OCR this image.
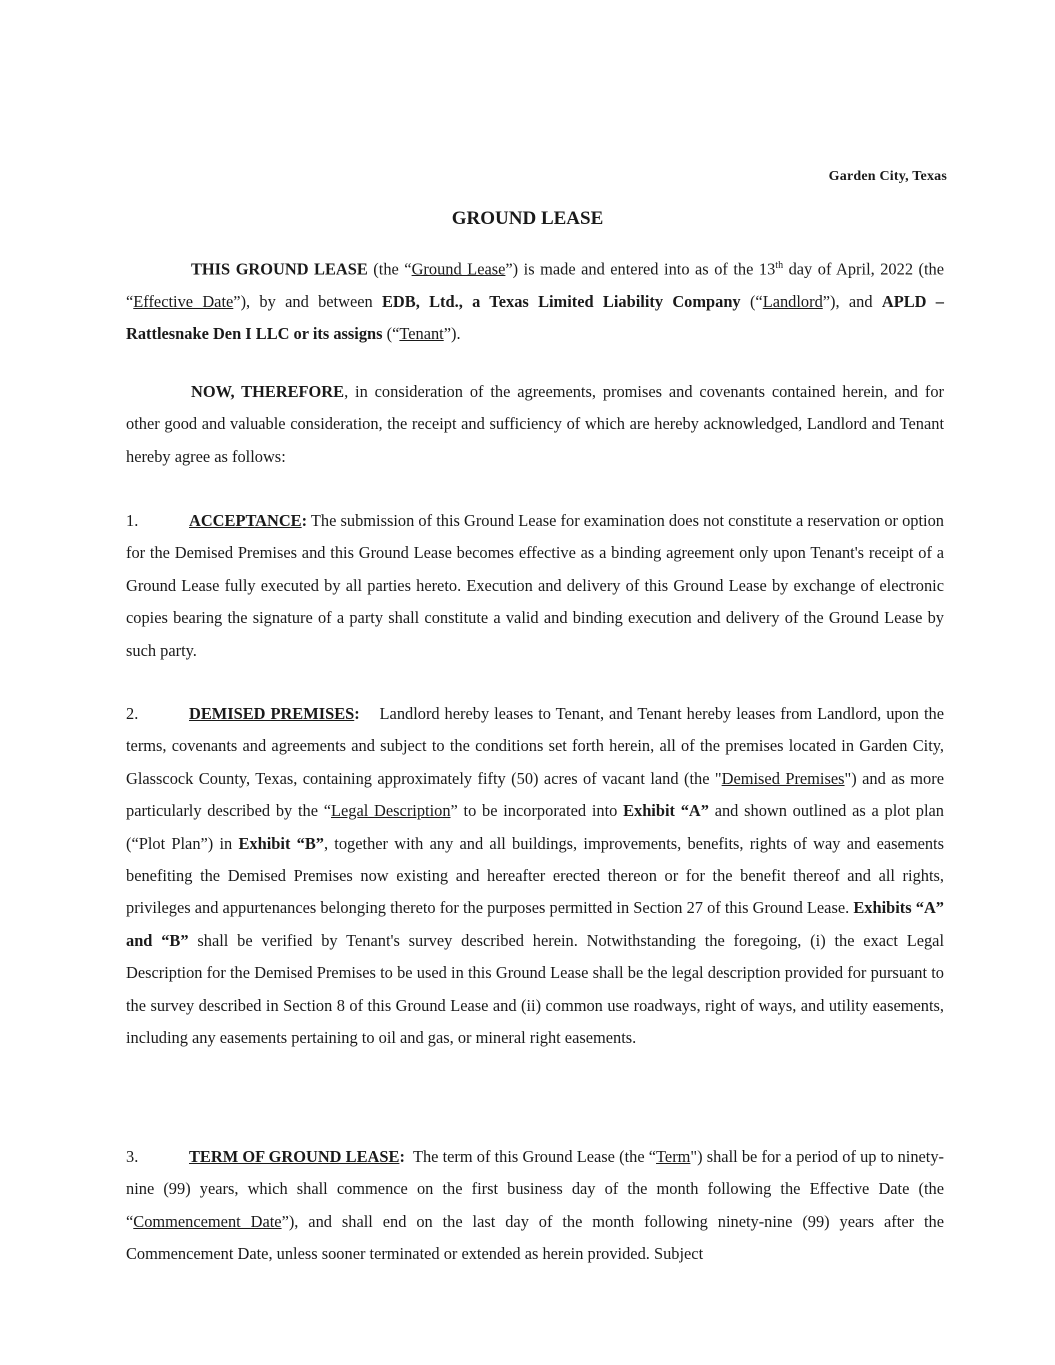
Garden City, Texas
GROUND LEASE
THIS GROUND LEASE (the “Ground Lease”) is made and entered into as of the 13th day of April, 2022 (the “Effective Date”), by and between EDB, Ltd., a Texas Limited Liability Company (“Landlord”), and APLD – Rattlesnake Den I LLC or its assigns (“Tenant”).
NOW, THEREFORE, in consideration of the agreements, promises and covenants contained herein, and for other good and valuable consideration, the receipt and sufficiency of which are hereby acknowledged, Landlord and Tenant hereby agree as follows:
1.	ACCEPTANCE: The submission of this Ground Lease for examination does not constitute a reservation or option for the Demised Premises and this Ground Lease becomes effective as a binding agreement only upon Tenant's receipt of a Ground Lease fully executed by all parties hereto. Execution and delivery of this Ground Lease by exchange of electronic copies bearing the signature of a party shall constitute a valid and binding execution and delivery of the Ground Lease by such party.
2.	DEMISED PREMISES:    Landlord hereby leases to Tenant, and Tenant hereby leases from Landlord, upon the terms, covenants and agreements and subject to the conditions set forth herein, all of the premises located in Garden City, Glasscock County, Texas, containing approximately fifty (50) acres of vacant land (the "Demised Premises") and as more particularly described by the “Legal Description” to be incorporated into Exhibit “A” and shown outlined as a plot plan (“Plot Plan”) in Exhibit “B”, together with any and all buildings, improvements, benefits, rights of way and easements benefiting the Demised Premises now existing and hereafter erected thereon or for the benefit thereof and all rights, privileges and appurtenances belonging thereto for the purposes permitted in Section 27 of this Ground Lease. Exhibits “A” and “B” shall be verified by Tenant's survey described herein. Notwithstanding the foregoing, (i) the exact Legal Description for the Demised Premises to be used in this Ground Lease shall be the legal description provided for pursuant to the survey described in Section 8 of this Ground Lease and (ii) common use roadways, right of ways, and utility easements, including any easements pertaining to oil and gas, or mineral right easements.
3.	TERM OF GROUND LEASE:  The term of this Ground Lease (the “Term") shall be for a period of up to ninety-nine (99) years, which shall commence on the first business day of the month following the Effective Date (the “Commencement Date”), and shall end on the last day of the month following ninety-nine (99) years after the Commencement Date, unless sooner terminated or extended as herein provided. Subject
